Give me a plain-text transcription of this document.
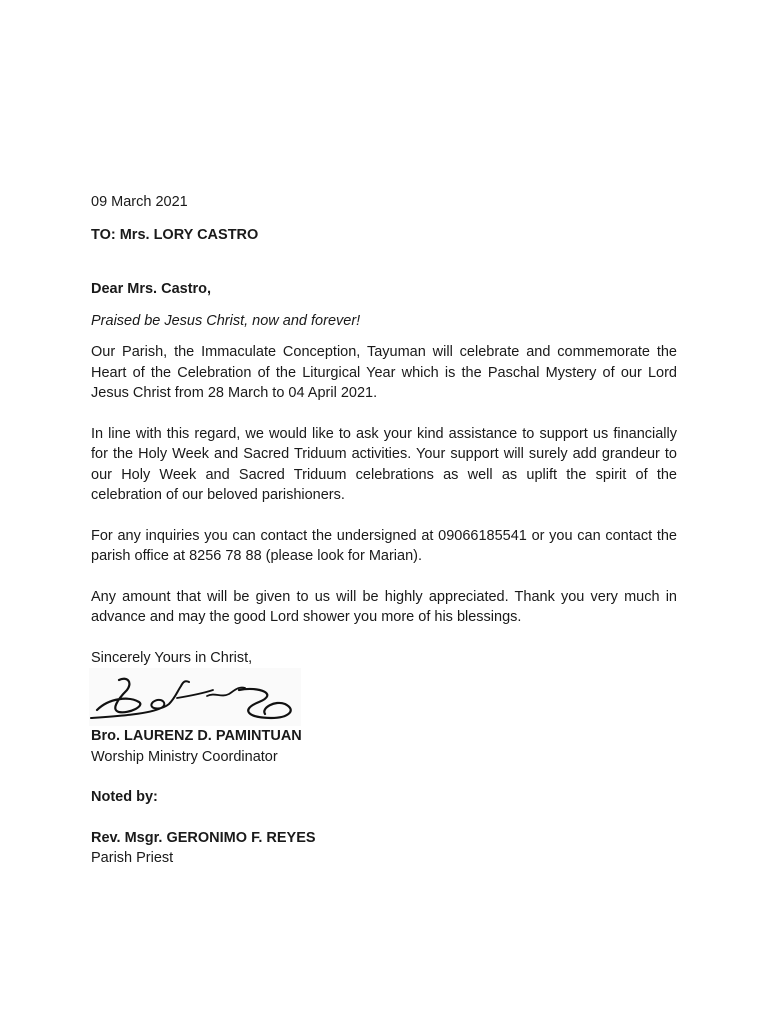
09 March 2021

TO: Mrs. LORY CASTRO

Dear Mrs. Castro,

Praised be Jesus Christ, now and forever!

Our Parish, the Immaculate Conception, Tayuman will celebrate and commemorate the Heart of the Celebration of the Liturgical Year which is the Paschal Mystery of our Lord Jesus Christ from 28 March to 04 April 2021.

In line with this regard, we would like to ask your kind assistance to support us financially for the Holy Week and Sacred Triduum activities. Your support will surely add grandeur to our Holy Week and Sacred Triduum celebrations as well as uplift the spirit of the celebration of our beloved parishioners.

For any inquiries you can contact the undersigned at 09066185541 or you can contact the parish office at 8256 78 88 (please look for Marian).

Any amount that will be given to us will be highly appreciated. Thank you very much in advance and may the good Lord shower you more of his blessings.

Sincerely Yours in Christ,

Bro. LAURENZ D. PAMINTUAN

Worship Ministry Coordinator

Noted by:

Rev. Msgr. GERONIMO F. REYES

Parish Priest
